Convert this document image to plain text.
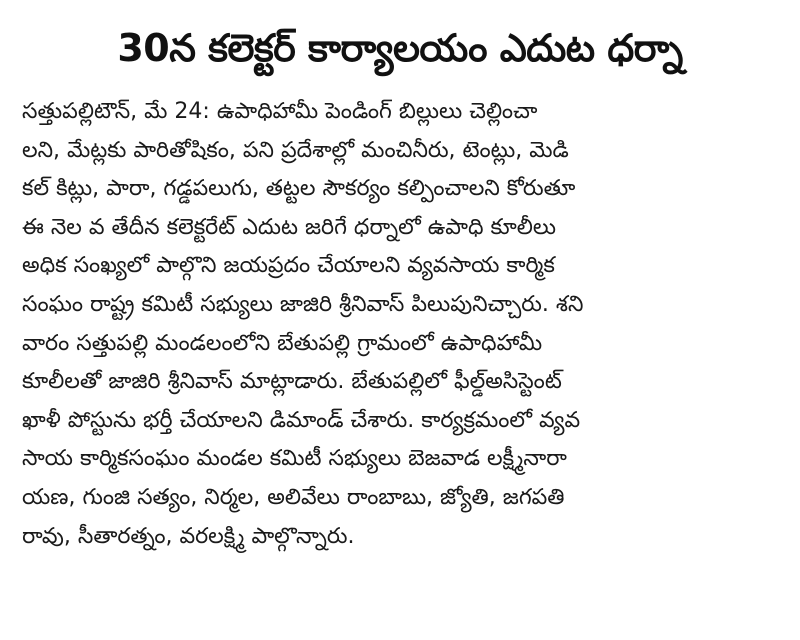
30న కలెక్టర్ కార్యాలయం ఎదుట ధర్నా
సత్తుపల్లిటౌన్, మే 24: ఉపాధిహామీ పెండింగ్ బిల్లులు చెల్లించా
లని, మేట్లకు పారితోషికం, పని ప్రదేశాల్లో మంచినీరు, టెంట్లు, మెడి
కల్ కిట్లు, పారా, గడ్డపలుగు, తట్టల సౌకర్యం కల్పించాలని కోరుతూ
ఈ నెల వ తేదీన కలెక్టరేట్ ఎదుట జరిగే ధర్నాలో ఉపాధి కూలీలు
అధిక సంఖ్యలో పాల్గొని జయప్రదం చేయాలని వ్యవసాయ కార్మిక
సంఘం రాష్ట్ర కమిటీ సభ్యులు జాజిరి శ్రీనివాస్ పిలుపునిచ్చారు. శని
వారం సత్తుపల్లి మండలంలోని బేతుపల్లి గ్రామంలో ఉపాధిహామీ
కూలీలతో జాజిరి శ్రీనివాస్ మాట్లాడారు. బేతుపల్లిలో ఫీల్డ్అసిస్టెంట్
ఖాళీ పోస్టును భర్తీ చేయాలని డిమాండ్ చేశారు. కార్యక్రమంలో వ్యవ
సాయ కార్మికసంఘం మండల కమిటీ సభ్యులు బెజవాడ లక్ష్మీనారా
యణ, గుంజి సత్యం, నిర్మల, అలివేలు రాంబాబు, జ్యోతి, జగపతి
రావు, సీతారత్నం, వరలక్ష్మి పాల్గొన్నారు.
